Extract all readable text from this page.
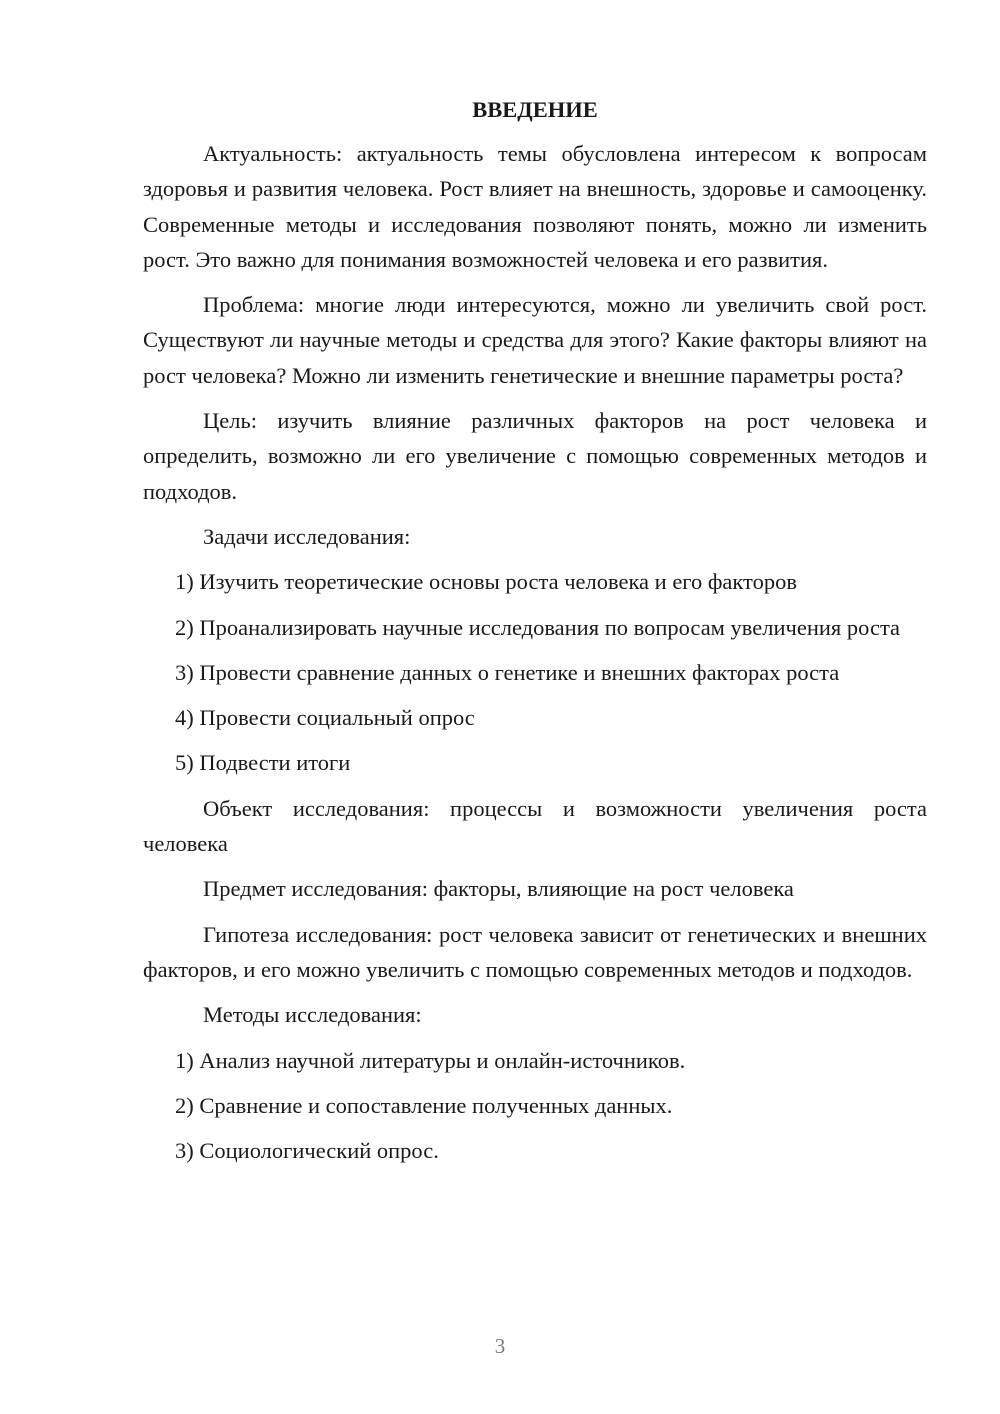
ВВЕДЕНИЕ

Актуальность: актуальность темы обусловлена интересом к вопросам здоровья и развития человека. Рост влияет на внешность, здоровье и самооценку. Современные методы и исследования позволяют понять, можно ли изменить рост. Это важно для понимания возможностей человека и его развития.

Проблема: многие люди интересуются, можно ли увеличить свой рост. Существуют ли научные методы и средства для этого? Какие факторы влияют на рост человека? Можно ли изменить генетические и внешние параметры роста?

Цель: изучить влияние различных факторов на рост человека и определить, возможно ли его увеличение с помощью современных методов и подходов.

Задачи исследования:

1) Изучить теоретические основы роста человека и его факторов

2) Проанализировать научные исследования по вопросам увеличения роста

3) Провести сравнение данных о генетике и внешних факторах роста

4) Провести социальный опрос

5) Подвести итоги

Объект исследования: процессы и возможности увеличения роста человека

Предмет исследования: факторы, влияющие на рост человека

Гипотеза исследования: рост человека зависит от генетических и внешних факторов, и его можно увеличить с помощью современных методов и подходов.

Методы исследования:

1) Анализ научной литературы и онлайн-источников.

2) Сравнение и сопоставление полученных данных.

3) Социологический опрос.

3
